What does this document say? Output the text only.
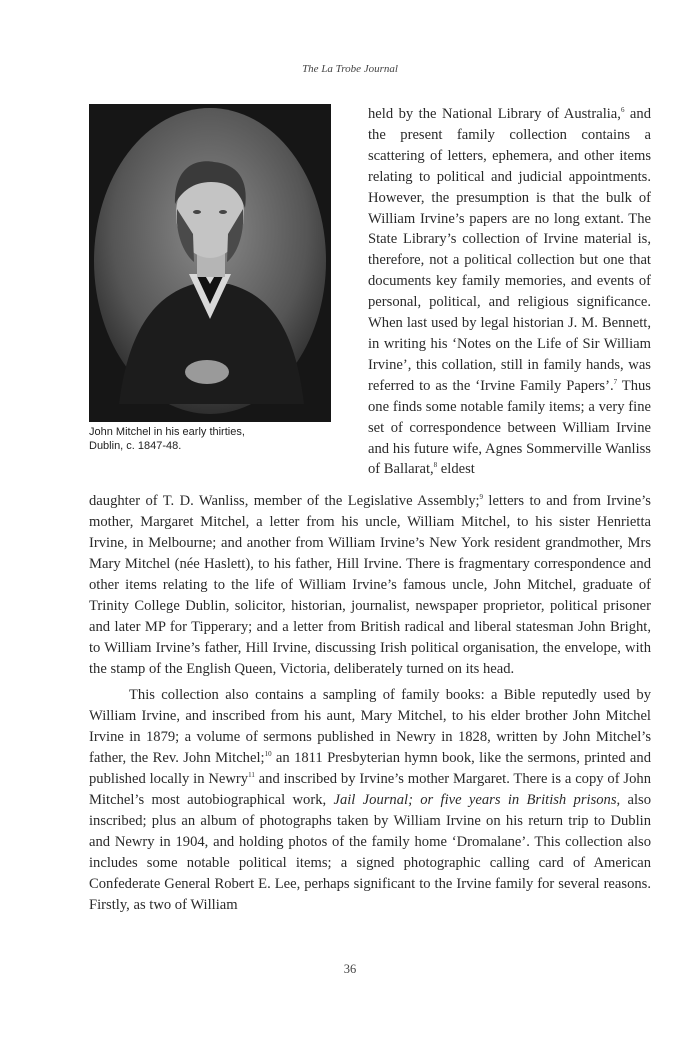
The La Trobe Journal
John Mitchel in his early thirties,
Dublin, c. 1847-48.

held by the National Library of Australia,$^6$ and the present family collection contains a scattering of letters, ephemera, and other items relating to political and judicial appointments. However, the presumption is that the bulk of William Irvine’s papers are no long extant. The State Library’s collection of Irvine material is, therefore, not a political collection but one that documents key family memories, and events of personal, political, and religious significance. When last used by legal historian J. M. Bennett, in writing his ‘Notes on the Life of Sir William Irvine’, this collation, still in family hands, was referred to as the ‘Irvine Family Papers’.$^7$ Thus one finds some notable family items; a very fine set of correspondence between William Irvine and his future wife, Agnes Sommerville Wanliss of Ballarat,$^8$ eldest

daughter of T. D. Wanliss, member of the Legislative Assembly;$^9$ letters to and from Irvine’s mother, Margaret Mitchel, a letter from his uncle, William Mitchel, to his sister Henrietta Irvine, in Melbourne; and another from William Irvine’s New York resident grandmother, Mrs Mary Mitchel (née Haslett), to his father, Hill Irvine. There is fragmentary correspondence and other items relating to the life of William Irvine’s famous uncle, John Mitchel, graduate of Trinity College Dublin, solicitor, historian, journalist, newspaper proprietor, political prisoner and later MP for Tipperary; and a letter from British radical and liberal statesman John Bright, to William Irvine’s father, Hill Irvine, discussing Irish political organisation, the envelope, with the stamp of the English Queen, Victoria, deliberately turned on its head.

This collection also contains a sampling of family books: a Bible reputedly used by William Irvine, and inscribed from his aunt, Mary Mitchel, to his elder brother John Mitchel Irvine in 1879; a volume of sermons published in Newry in 1828, written by John Mitchel’s father, the Rev. John Mitchel;$^{10}$ an 1811 Presbyterian hymn book, like the sermons, printed and published locally in Newry$^{11}$ and inscribed by Irvine’s mother Margaret. There is a copy of John Mitchel’s most autobiographical work, Jail Journal; or five years in British prisons, also inscribed; plus an album of photographs taken by William Irvine on his return trip to Dublin and Newry in 1904, and holding photos of the family home ‘Dromalane’. This collection also includes some notable political items; a signed photographic calling card of American Confederate General Robert E. Lee, perhaps significant to the Irvine family for several reasons. Firstly, as two of William

36
